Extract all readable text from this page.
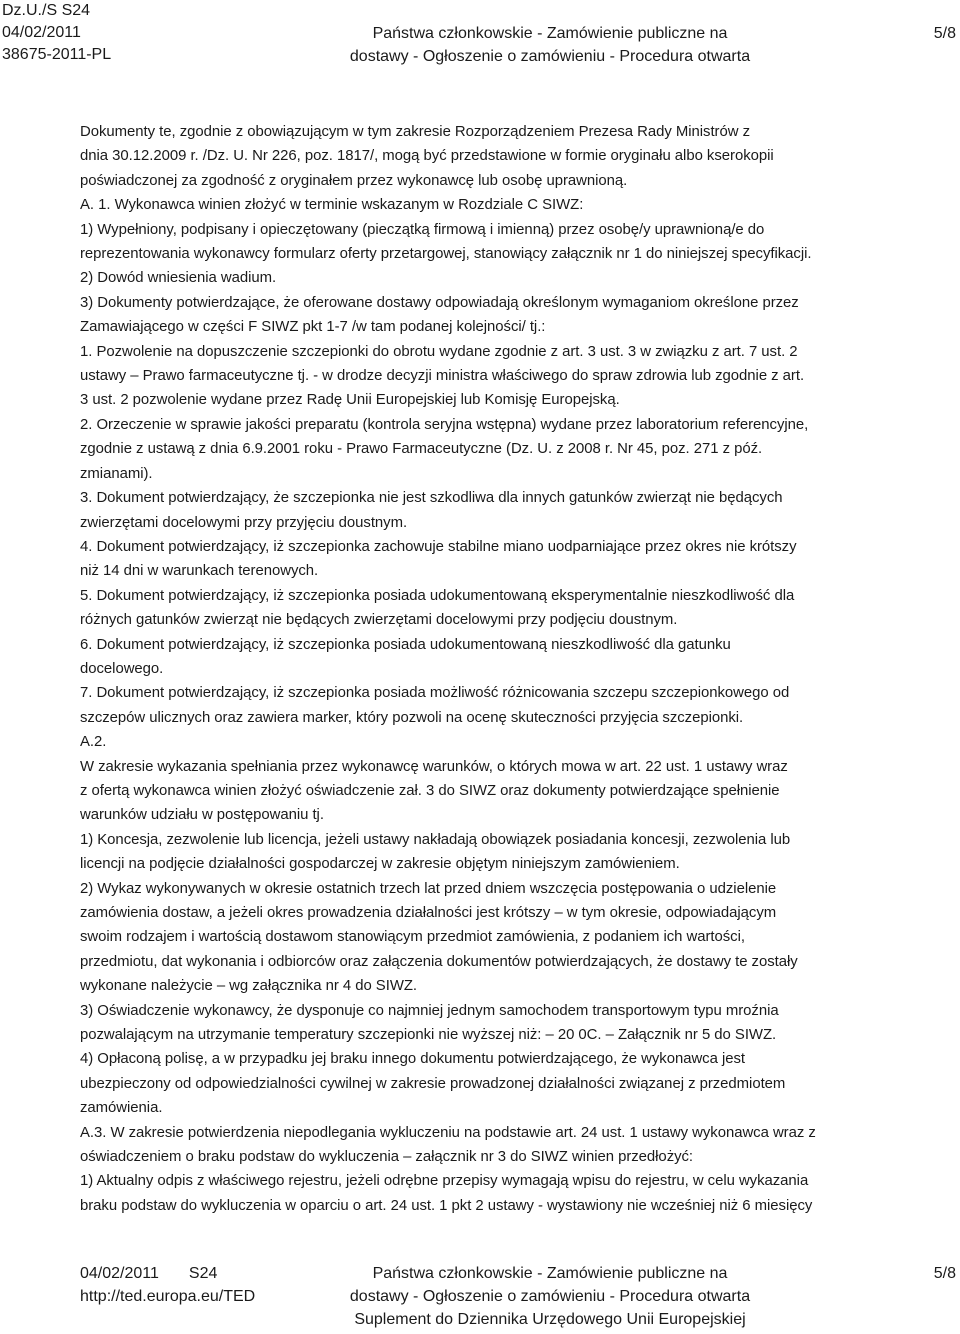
Dz.U./S S24
04/02/2011
38675-2011-PL
Państwa członkowskie - Zamówienie publiczne na
dostawy - Ogłoszenie o zamówieniu - Procedura otwarta
5/8

Dokumenty te, zgodnie z obowiązującym w tym zakresie Rozporządzeniem Prezesa Rady Ministrów z

dnia 30.12.2009 r. /Dz. U. Nr 226, poz. 1817/, mogą być przedstawione w formie oryginału albo kserokopii

poświadczonej za zgodność z oryginałem przez wykonawcę lub osobę uprawnioną.

A. 1. Wykonawca winien złożyć w terminie wskazanym w Rozdziale C SIWZ:

1) Wypełniony, podpisany i opieczętowany (pieczątką firmową i imienną) przez osobę/y uprawnioną/e do

reprezentowania wykonawcy formularz oferty przetargowej, stanowiący załącznik nr 1 do niniejszej specyfikacji.

2) Dowód wniesienia wadium.

3) Dokumenty potwierdzające, że oferowane dostawy odpowiadają określonym wymaganiom określone przez

Zamawiającego w części F SIWZ pkt 1-7 /w tam podanej kolejności/ tj.:

1. Pozwolenie na dopuszczenie szczepionki do obrotu wydane zgodnie z art. 3 ust. 3 w związku z art. 7 ust. 2

ustawy – Prawo farmaceutyczne tj. - w drodze decyzji ministra właściwego do spraw zdrowia lub zgodnie z art.

3 ust. 2 pozwolenie wydane przez Radę Unii Europejskiej lub Komisję Europejską.

2. Orzeczenie w sprawie jakości preparatu (kontrola seryjna wstępna) wydane przez laboratorium referencyjne,

zgodnie z ustawą z dnia 6.9.2001 roku - Prawo Farmaceutyczne (Dz. U. z 2008 r. Nr 45, poz. 271 z póź.

zmianami).

3. Dokument potwierdzający, że szczepionka nie jest szkodliwa dla innych gatunków zwierząt nie będących

zwierzętami docelowymi przy przyjęciu doustnym.

4. Dokument potwierdzający, iż szczepionka zachowuje stabilne miano uodparniające przez okres nie krótszy

niż 14 dni w warunkach terenowych.

5. Dokument potwierdzający, iż szczepionka posiada udokumentowaną eksperymentalnie nieszkodliwość dla

różnych gatunków zwierząt nie będących zwierzętami docelowymi przy podjęciu doustnym.

6. Dokument potwierdzający, iż szczepionka posiada udokumentowaną nieszkodliwość dla gatunku

docelowego.

7. Dokument potwierdzający, iż szczepionka posiada możliwość różnicowania szczepu szczepionkowego od

szczepów ulicznych oraz zawiera marker, który pozwoli na ocenę skuteczności przyjęcia szczepionki.

A.2.

W zakresie wykazania spełniania przez wykonawcę warunków, o których mowa w art. 22 ust. 1 ustawy wraz

z ofertą wykonawca winien złożyć oświadczenie zał. 3 do SIWZ oraz dokumenty potwierdzające spełnienie

warunków udziału w postępowaniu tj.

1) Koncesja, zezwolenie lub licencja, jeżeli ustawy nakładają obowiązek posiadania koncesji, zezwolenia lub

licencji na podjęcie działalności gospodarczej w zakresie objętym niniejszym zamówieniem.

2) Wykaz wykonywanych w okresie ostatnich trzech lat przed dniem wszczęcia postępowania o udzielenie

zamówienia dostaw, a jeżeli okres prowadzenia działalności jest krótszy – w tym okresie, odpowiadającym

swoim rodzajem i wartością dostawom stanowiącym przedmiot zamówienia, z podaniem ich wartości,

przedmiotu, dat wykonania i odbiorców oraz załączenia dokumentów potwierdzających, że dostawy te zostały

wykonane należycie – wg załącznika nr 4 do SIWZ.

3) Oświadczenie wykonawcy, że dysponuje co najmniej jednym samochodem transportowym typu mroźnia

pozwalającym na utrzymanie temperatury szczepionki nie wyższej niż: – 20 0C. – Załącznik nr 5 do SIWZ.

4) Opłaconą polisę, a w przypadku jej braku innego dokumentu potwierdzającego, że wykonawca jest

ubezpieczony od odpowiedzialności cywilnej w zakresie prowadzonej działalności związanej z przedmiotem

zamówienia.

A.3. W zakresie potwierdzenia niepodlegania wykluczeniu na podstawie art. 24 ust. 1 ustawy wykonawca wraz z

oświadczeniem o braku podstaw do wykluczenia – załącznik nr 3 do SIWZ winien przedłożyć:

1) Aktualny odpis z właściwego rejestru, jeżeli odrębne przepisy wymagają wpisu do rejestru, w celu wykazania

braku podstaw do wykluczenia w oparciu o art. 24 ust. 1 pkt 2 ustawy - wystawiony nie wcześniej niż 6 miesięcy

04/02/2011 S24
http://ted.europa.eu/TED
Państwa członkowskie - Zamówienie publiczne na
dostawy - Ogłoszenie o zamówieniu - Procedura otwarta
Suplement do Dziennika Urzędowego Unii Europejskiej
5/8
